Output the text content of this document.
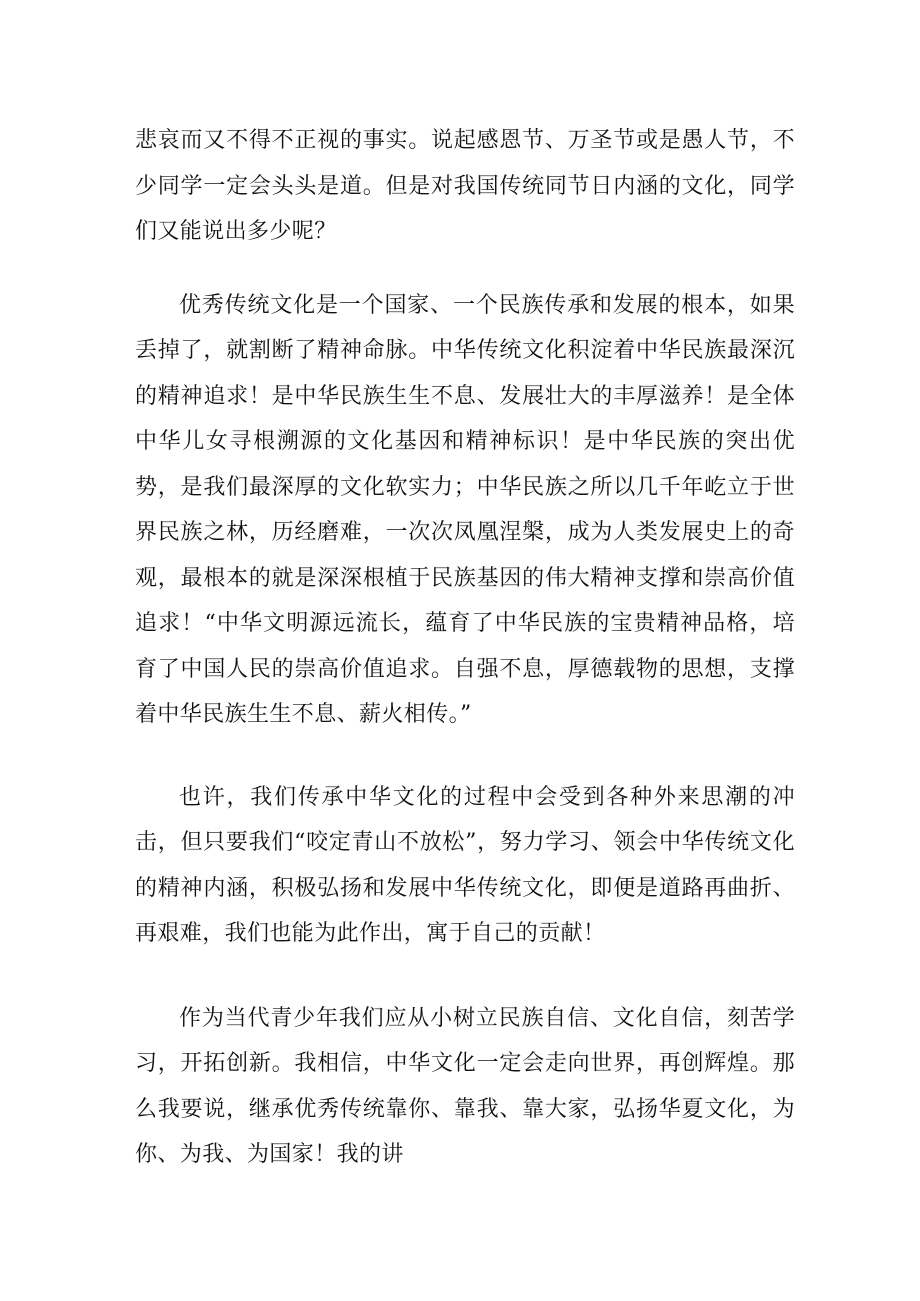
悲哀而又不得不正视的事实。说起感恩节、万圣节或是愚人节，不少同学一定会头头是道。但是对我国传统同节日内涵的文化，同学们又能说出多少呢？

优秀传统文化是一个国家、一个民族传承和发展的根本，如果丢掉了，就割断了精神命脉。中华传统文化积淀着中华民族最深沉的精神追求！是中华民族生生不息、发展壮大的丰厚滋养！是全体中华儿女寻根溯源的文化基因和精神标识！是中华民族的突出优势，是我们最深厚的文化软实力；中华民族之所以几千年屹立于世界民族之林，历经磨难，一次次凤凰涅槃，成为人类发展史上的奇观，最根本的就是深深根植于民族基因的伟大精神支撑和崇高价值追求！“中华文明源远流长，蕴育了中华民族的宝贵精神品格，培育了中国人民的崇高价值追求。自强不息，厚德载物的思想，支撑着中华民族生生不息、薪火相传。”

也许，我们传承中华文化的过程中会受到各种外来思潮的冲击，但只要我们“咬定青山不放松”，努力学习、领会中华传统文化的精神内涵，积极弘扬和发展中华传统文化，即便是道路再曲折、再艰难，我们也能为此作出，寓于自己的贡献！

作为当代青少年我们应从小树立民族自信、文化自信，刻苦学习，开拓创新。我相信，中华文化一定会走向世界，再创辉煌。那么我要说，继承优秀传统靠你、靠我、靠大家，弘扬华夏文化，为你、为我、为国家！我的讲
